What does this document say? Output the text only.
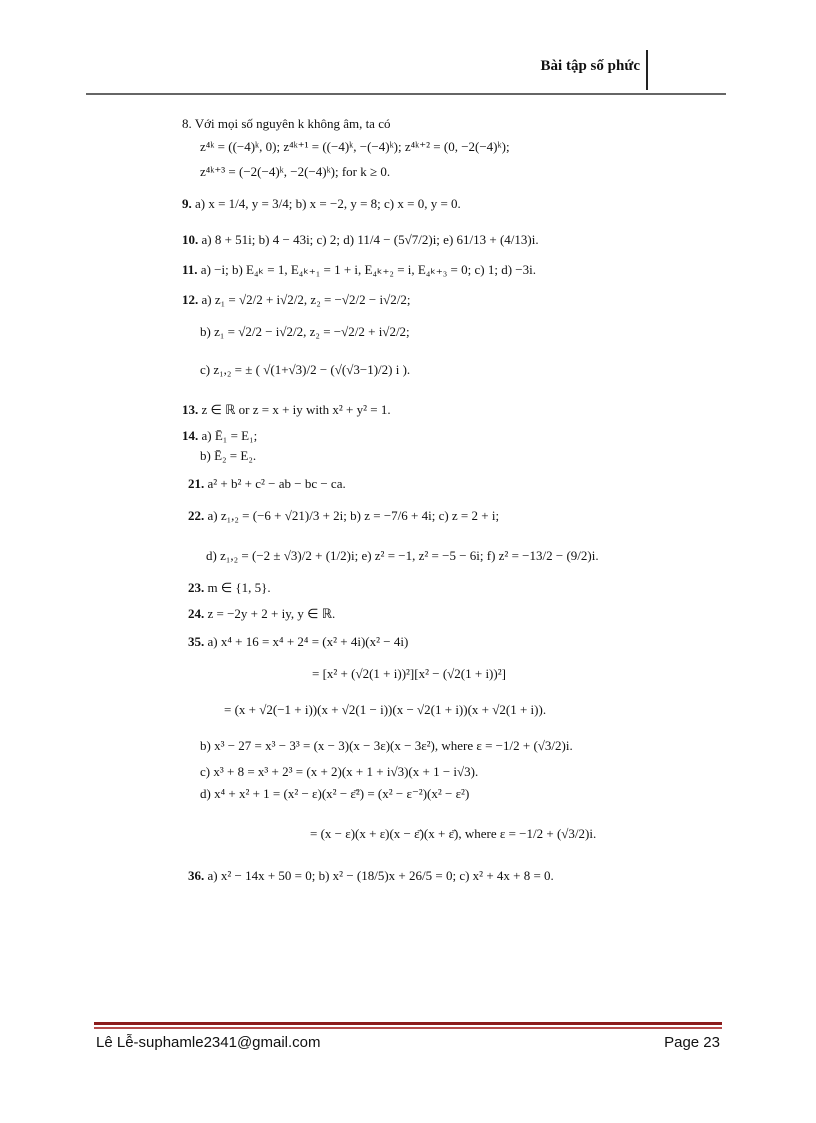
Bài tập số phức
8. Với mọi số nguyên k không âm, ta có
z⁴ᵏ = ((−4)ᵏ, 0); z⁴ᵏ⁺¹ = ((−4)ᵏ, −(−4)ᵏ); z⁴ᵏ⁺² = (0, −2(−4)ᵏ);
z⁴ᵏ⁺³ = (−2(−4)ᵏ, −2(−4)ᵏ); for k ≥ 0.
9. a) x = 1/4, y = 3/4; b) x = −2, y = 8; c) x = 0, y = 0.
10. a) 8 + 51i; b) 4 − 43i; c) 2; d) 11/4 − (5√7/2)i; e) 61/13 + (4/13)i.
11. a) −i; b) E₄ₖ = 1, E₄ₖ₊₁ = 1 + i, E₄ₖ₊₂ = i, E₄ₖ₊₃ = 0; c) 1; d) −3i.
12. a) z₁ = √2/2 + i√2/2, z₂ = −√2/2 − i√2/2;
b) z₁ = √2/2 − i√2/2, z₂ = −√2/2 + i√2/2;
c) z₁,₂ = ± ( √(1+√3)/2 − (√(√3−1)/2) i ).
13. z ∈ ℝ or z = x + iy with x² + y² = 1.
14. a) Ē₁ = E₁;
b) Ē₂ = E₂.
21. a² + b² + c² − ab − bc − ca.
22. a) z₁,₂ = (−6 + √21)/3 + 2i; b) z = −7/6 + 4i; c) z = 2 + i;
d) z₁,₂ = (−2 ± √3)/2 + (1/2)i; e) z² = −1, z² = −5 − 6i; f) z² = −13/2 − (9/2)i.
23. m ∈ {1, 5}.
24. z = −2y + 2 + iy, y ∈ ℝ.
35. a) x⁴ + 16 = x⁴ + 2⁴ = (x² + 4i)(x² − 4i)
= [x² + (√2(1 + i))²][x² − (√2(1 + i))²]
= (x + √2(−1 + i))(x + √2(1 − i))(x − √2(1 + i))(x + √2(1 + i)).
b) x³ − 27 = x³ − 3³ = (x − 3)(x − 3ε)(x − 3ε²), where ε = −1/2 + (√3/2)i.
c) x³ + 8 = x³ + 2³ = (x + 2)(x + 1 + i√3)(x + 1 − i√3).
d) x⁴ + x² + 1 = (x² − ε)(x² − ε̄²) = (x² − ε⁻²)(x² − ε²)
= (x − ε)(x + ε)(x − ε̄)(x + ε̄), where ε = −1/2 + (√3/2)i.
36. a) x² − 14x + 50 = 0; b) x² − (18/5)x + 26/5 = 0; c) x² + 4x + 8 = 0.
Lê Lễ-suphamle2341@gmail.com	Page 23
